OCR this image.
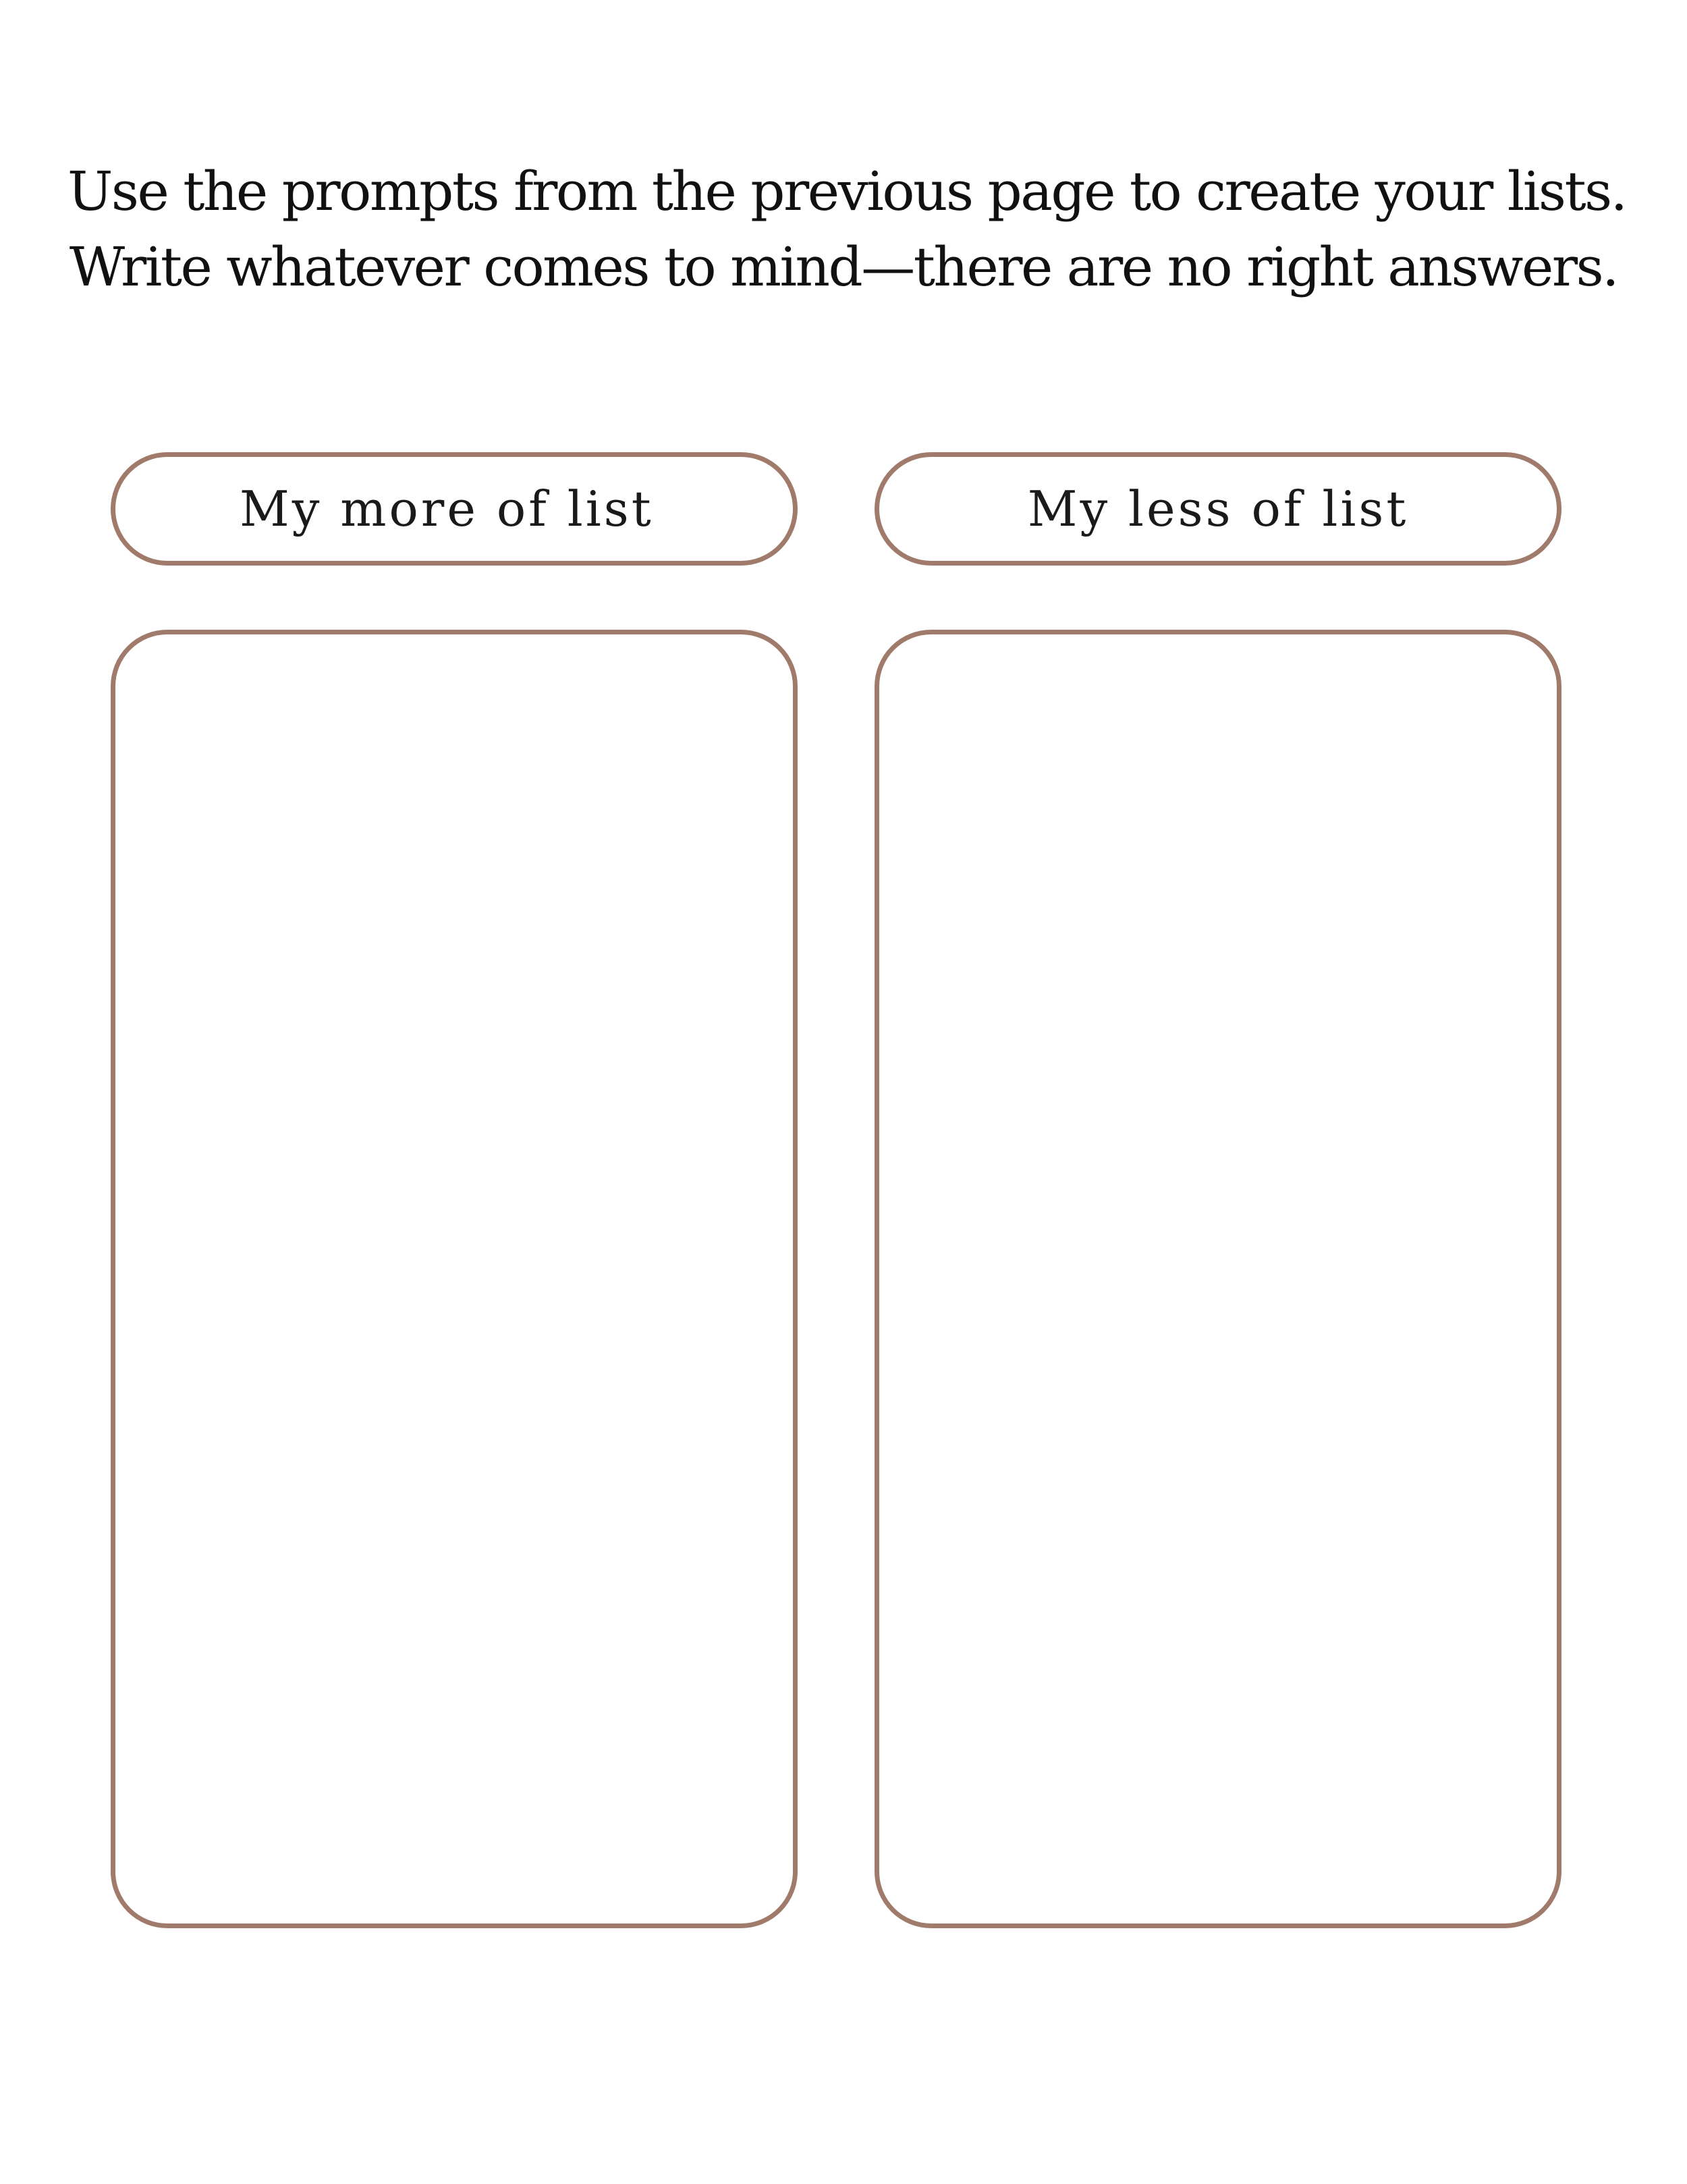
Use the prompts from the previous page to create your lists.
Write whatever comes to mind—there are no right answers.

My more of list	My less of list
